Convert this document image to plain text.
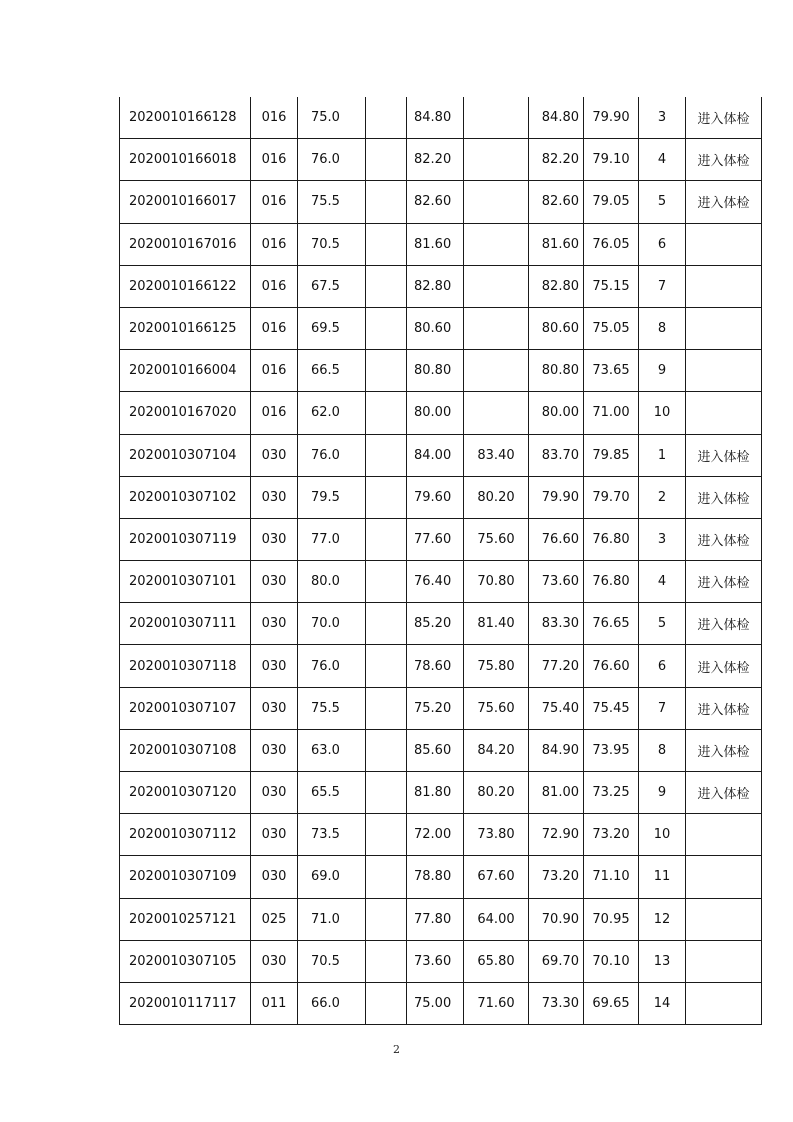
2020010166128	016	75.0		84.80		84.80	79.90	3	进入体检
2020010166018	016	76.0		82.20		82.20	79.10	4	进入体检
2020010166017	016	75.5		82.60		82.60	79.05	5	进入体检
2020010167016	016	70.5		81.60		81.60	76.05	6	
2020010166122	016	67.5		82.80		82.80	75.15	7	
2020010166125	016	69.5		80.60		80.60	75.05	8	
2020010166004	016	66.5		80.80		80.80	73.65	9	
2020010167020	016	62.0		80.00		80.00	71.00	10	
2020010307104	030	76.0		84.00	83.40	83.70	79.85	1	进入体检
2020010307102	030	79.5		79.60	80.20	79.90	79.70	2	进入体检
2020010307119	030	77.0		77.60	75.60	76.60	76.80	3	进入体检
2020010307101	030	80.0		76.40	70.80	73.60	76.80	4	进入体检
2020010307111	030	70.0		85.20	81.40	83.30	76.65	5	进入体检
2020010307118	030	76.0		78.60	75.80	77.20	76.60	6	进入体检
2020010307107	030	75.5		75.20	75.60	75.40	75.45	7	进入体检
2020010307108	030	63.0		85.60	84.20	84.90	73.95	8	进入体检
2020010307120	030	65.5		81.80	80.20	81.00	73.25	9	进入体检
2020010307112	030	73.5		72.00	73.80	72.90	73.20	10	
2020010307109	030	69.0		78.80	67.60	73.20	71.10	11	
2020010257121	025	71.0		77.80	64.00	70.90	70.95	12	
2020010307105	030	70.5		73.60	65.80	69.70	70.10	13	
2020010117117	011	66.0		75.00	71.60	73.30	69.65	14	
2
